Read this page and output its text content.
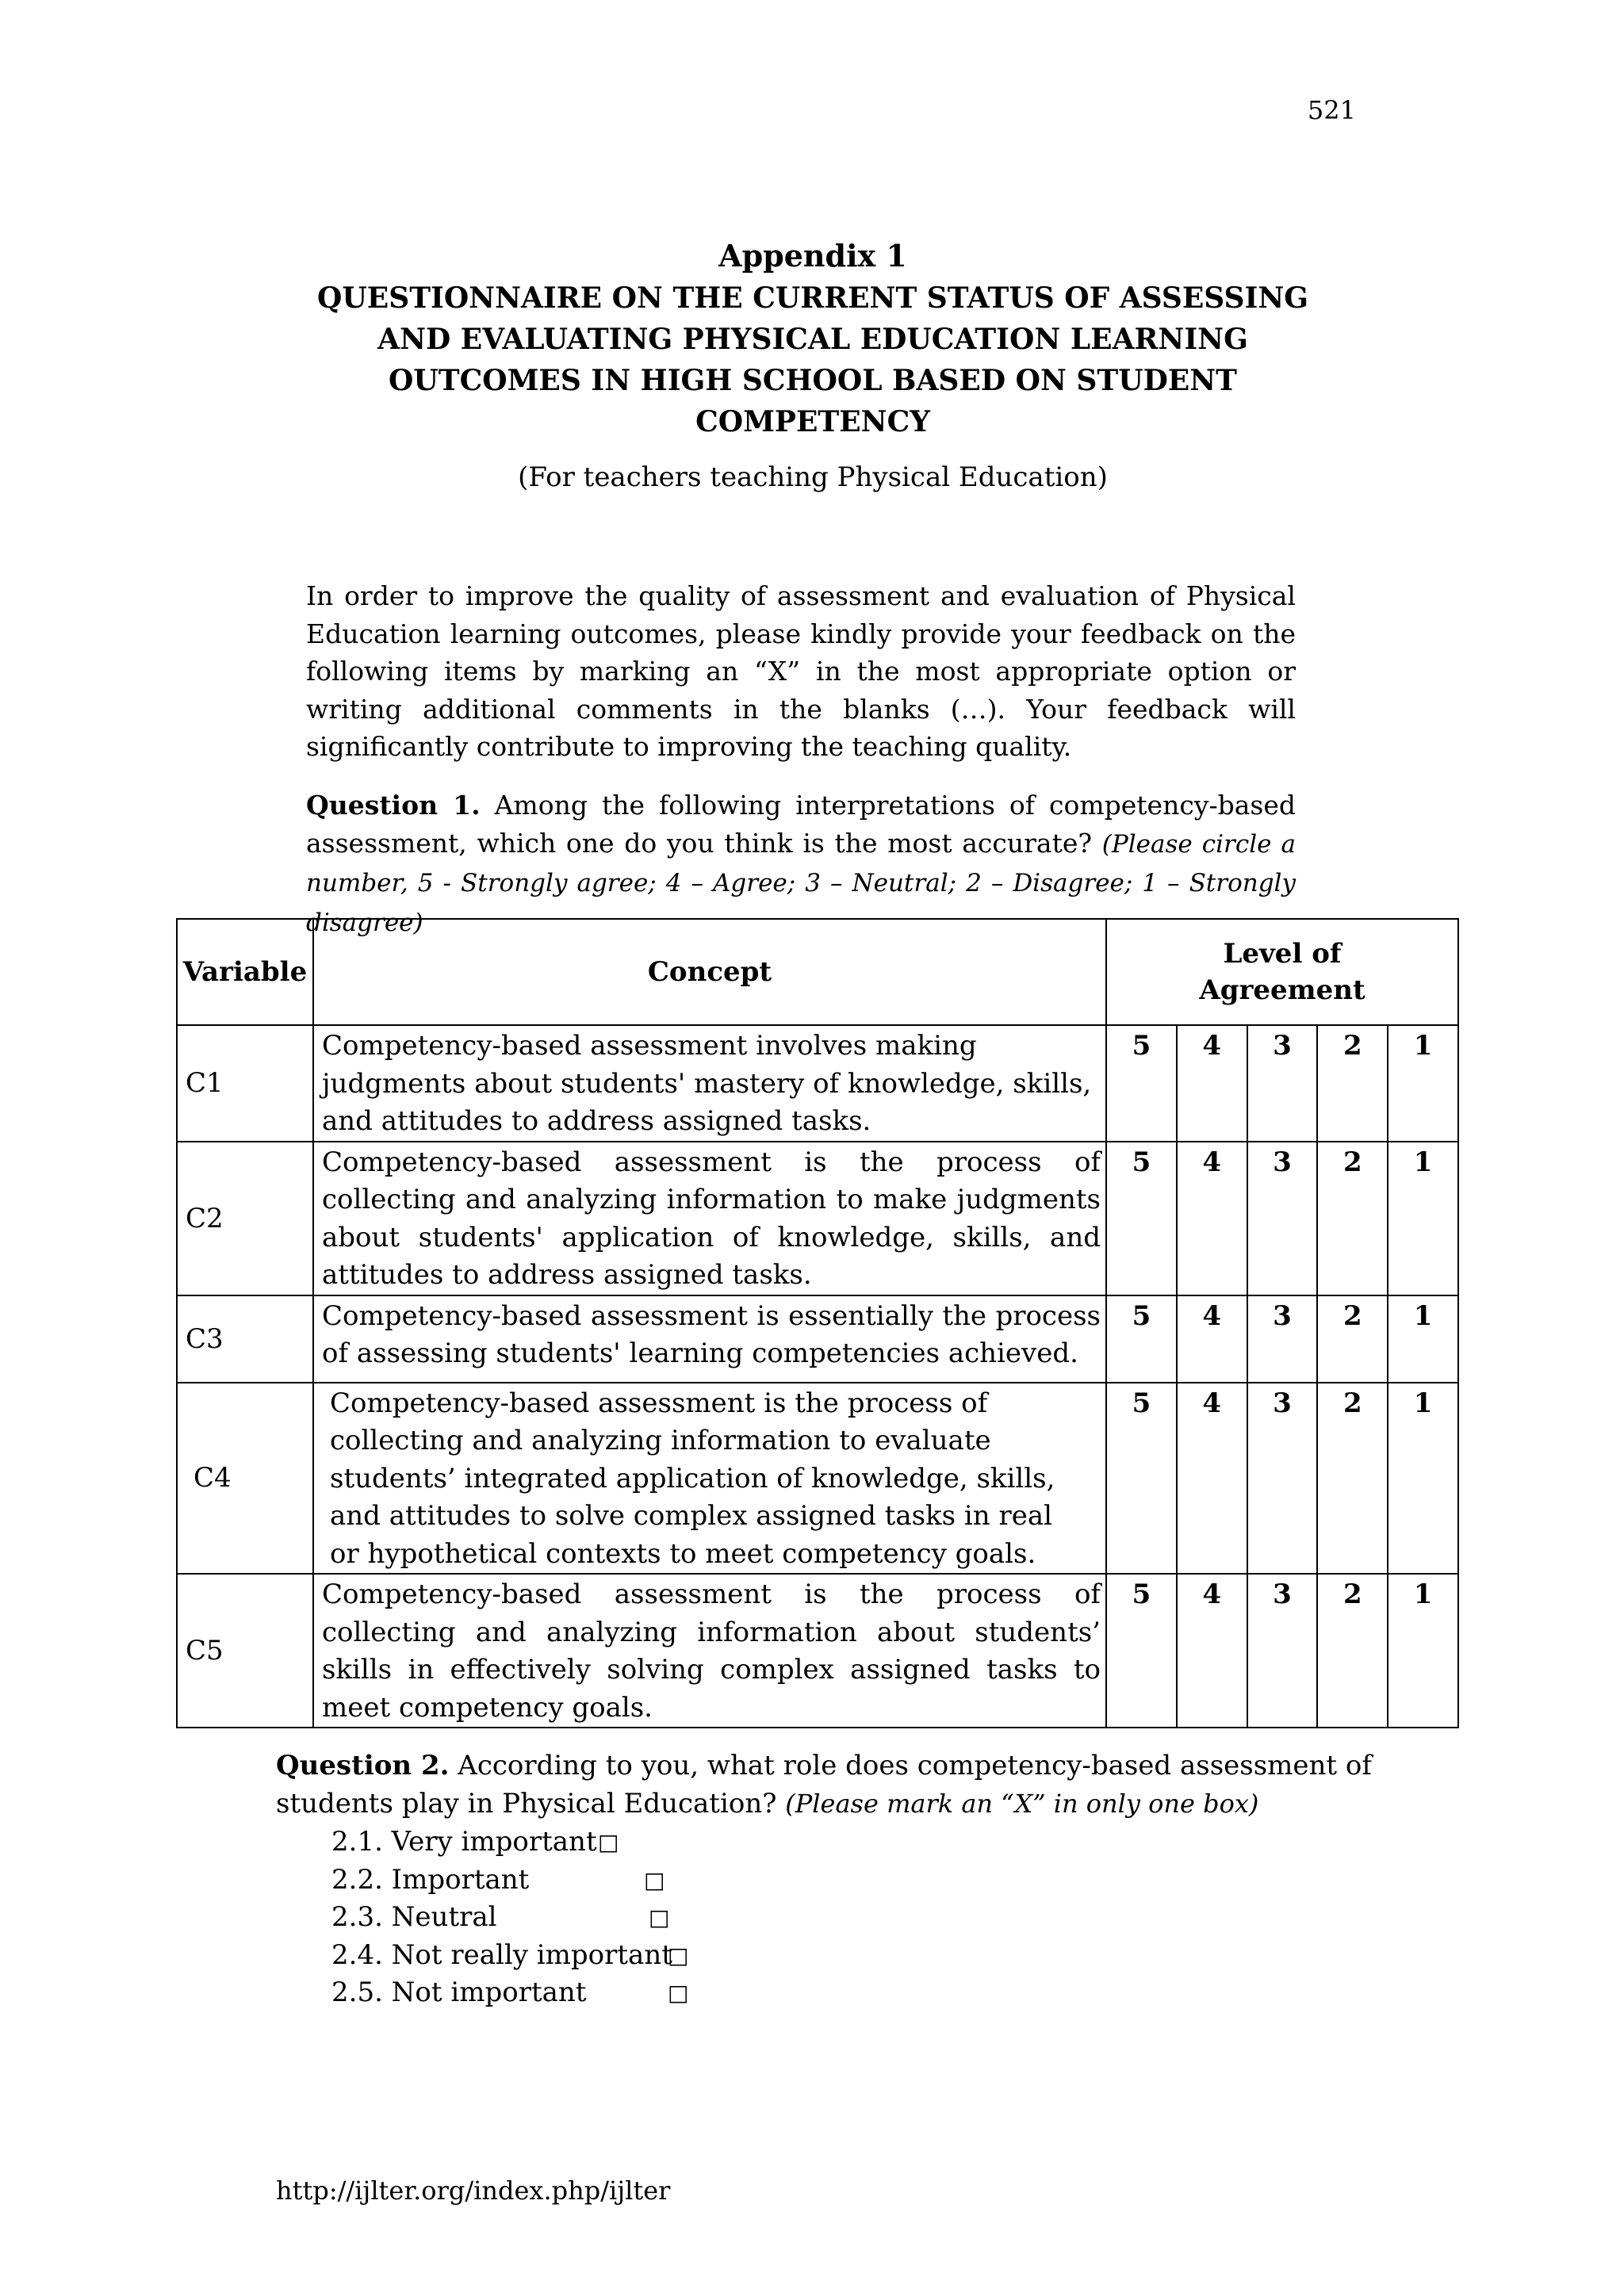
521
Appendix 1
QUESTIONNAIRE ON THE CURRENT STATUS OF ASSESSING
AND EVALUATING PHYSICAL EDUCATION LEARNING
OUTCOMES IN HIGH SCHOOL BASED ON STUDENT
COMPETENCY
(For teachers teaching Physical Education)
In order to improve the quality of assessment and evaluation of Physical Education learning outcomes, please kindly provide your feedback on the following items by marking an “X” in the most appropriate option or writing additional comments in the blanks (…). Your feedback will significantly contribute to improving the teaching quality.
Question 1. Among the following interpretations of competency-based assessment, which one do you think is the most accurate? (Please circle a number, 5 - Strongly agree; 4 – Agree; 3 – Neutral; 2 – Disagree; 1 – Strongly disagree)
Variable	Concept	Level of
Agreement				

C1	Competency-based assessment involves making judgments about students' mastery of knowledge, skills, and attitudes to address assigned tasks.	5	4	3	2	1
C2	Competency-based assessment is the process of collecting and analyzing information to make judgments about students' application of knowledge, skills, and attitudes to address assigned tasks.	5	4	3	2	1
C3	Competency-based assessment is essentially the process of assessing students' learning competencies achieved.	5	4	3	2	1
C4	Competency-based assessment is the process of collecting and analyzing information to evaluate students’ integrated application of knowledge, skills, and attitudes to solve complex assigned tasks in real or hypothetical contexts to meet competency goals.	5	4	3	2	1
C5	Competency-based assessment is the process of collecting and analyzing information about students’ skills in effectively solving complex assigned tasks to meet competency goals.	5	4	3	2	1
Question 2. According to you, what role does competency-based assessment of students play in Physical Education? (Please mark an “X” in only one box)
2.1. Very important □
2.2. Important	□
2.3. Neutral	□
2.4. Not really important
□
2.5. Not important	□
http://ijlter.org/index.php/ijlter
